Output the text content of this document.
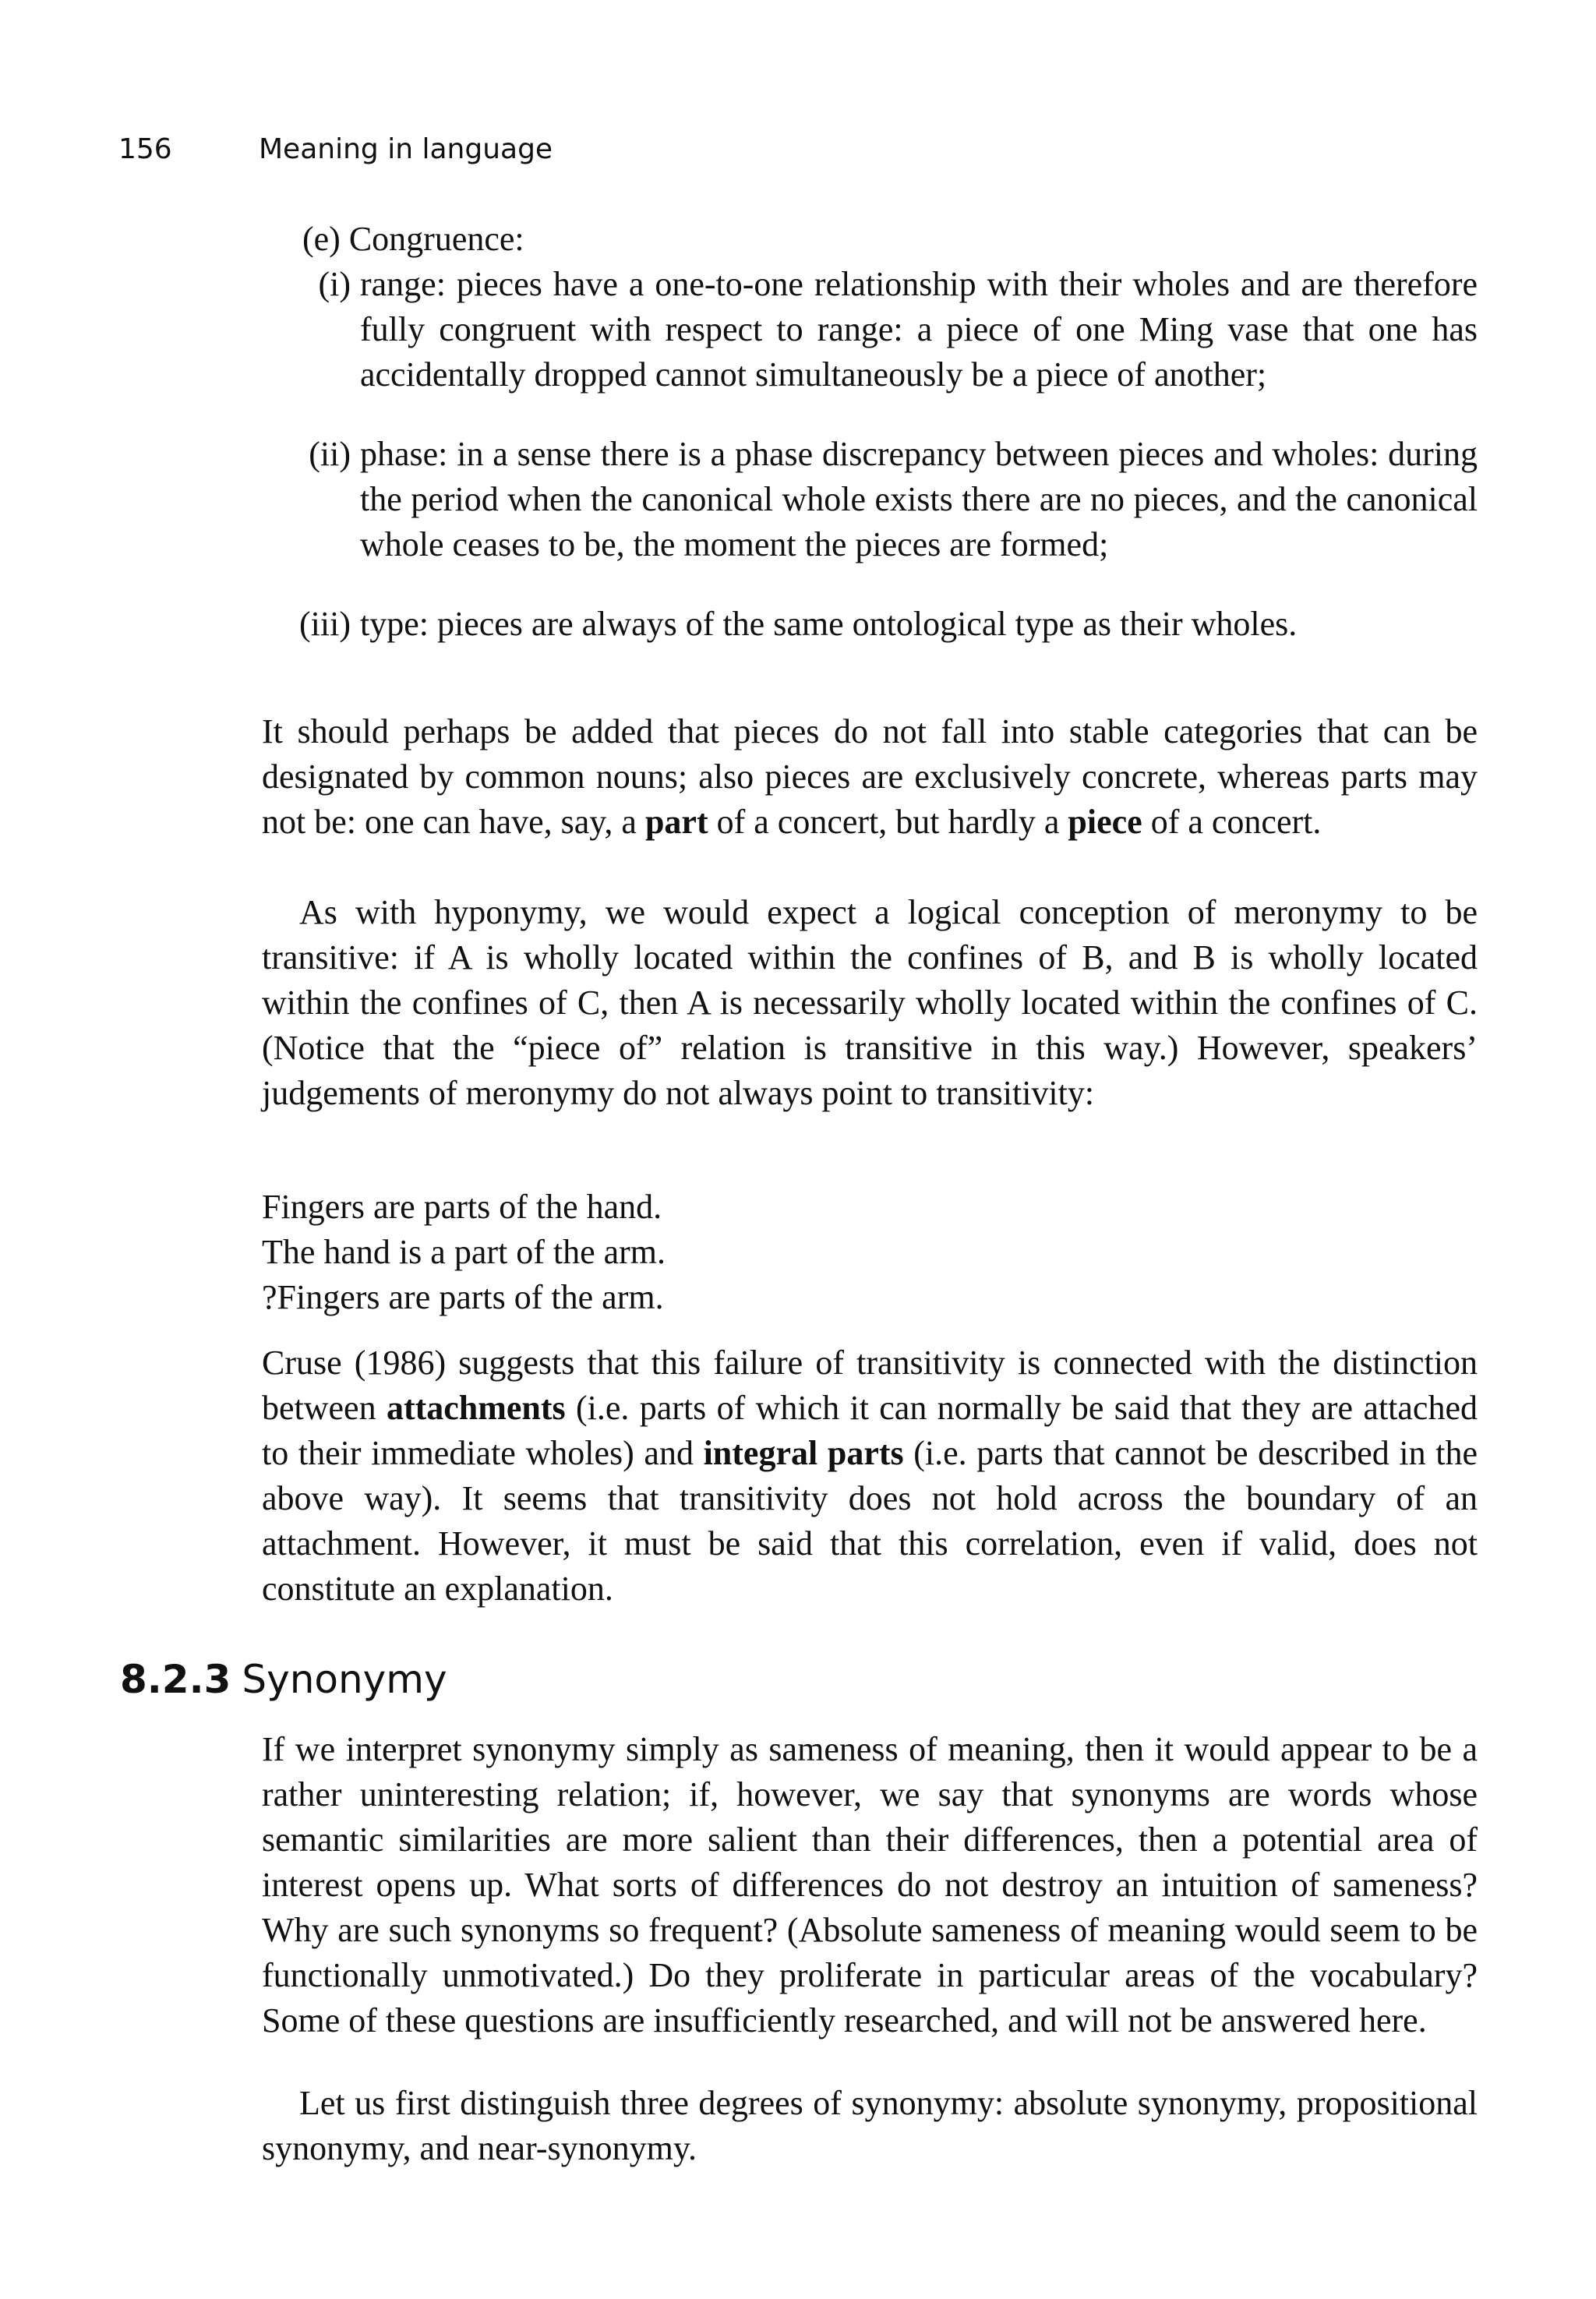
156	Meaning in language
(e) Congruence:
(i) range: pieces have a one-to-one relationship with their wholes and are therefore fully congruent with respect to range: a piece of one Ming vase that one has accidentally dropped cannot simultaneously be a piece of another;
(ii) phase: in a sense there is a phase discrepancy between pieces and wholes: during the period when the canonical whole exists there are no pieces, and the canonical whole ceases to be, the moment the pieces are formed;
(iii) type: pieces are always of the same ontological type as their wholes.
It should perhaps be added that pieces do not fall into stable categories that can be designated by common nouns; also pieces are exclusively concrete, whereas parts may not be: one can have, say, a part of a concert, but hardly a piece of a concert.
As with hyponymy, we would expect a logical conception of meronymy to be transitive: if A is wholly located within the confines of B, and B is wholly located within the confines of C, then A is necessarily wholly located within the confines of C. (Notice that the “piece of” relation is transitive in this way.) However, speakers’ judgements of meronymy do not always point to transitivity:
Fingers are parts of the hand.
The hand is a part of the arm.
?Fingers are parts of the arm.
Cruse (1986) suggests that this failure of transitivity is connected with the distinction between attachments (i.e. parts of which it can normally be said that they are attached to their immediate wholes) and integral parts (i.e. parts that cannot be described in the above way). It seems that transitivity does not hold across the boundary of an attachment. However, it must be said that this correlation, even if valid, does not constitute an explanation.
8.2.3 Synonymy
If we interpret synonymy simply as sameness of meaning, then it would appear to be a rather uninteresting relation; if, however, we say that synonyms are words whose semantic similarities are more salient than their differences, then a potential area of interest opens up. What sorts of differences do not destroy an intuition of sameness? Why are such synonyms so frequent? (Absolute sameness of meaning would seem to be functionally unmotivated.) Do they proliferate in particular areas of the vocabulary? Some of these questions are insufficiently researched, and will not be answered here.
Let us first distinguish three degrees of synonymy: absolute synonymy, propositional synonymy, and near-synonymy.
